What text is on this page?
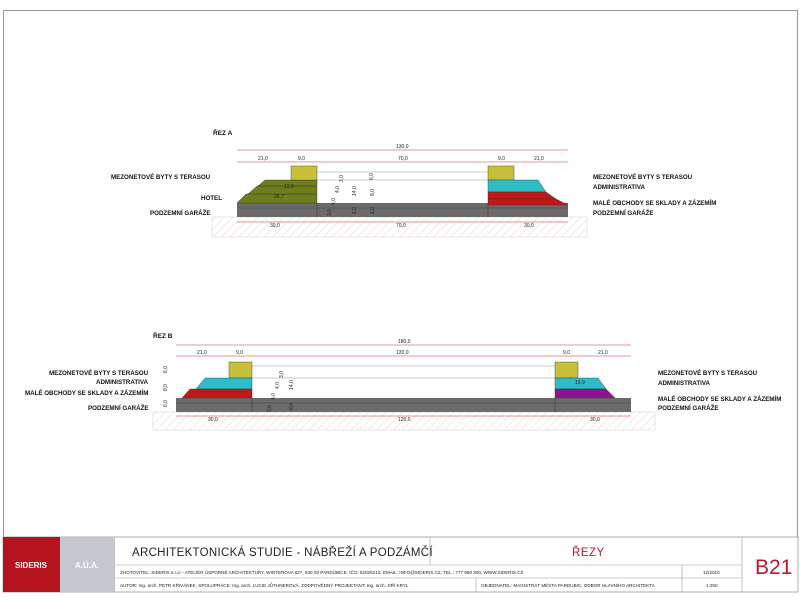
ŘEZ A
19,9
26,7
130,0
21,0	9,0	70,0	9,0	21,0
30,0	70,0	30,0
3,0
4,0
4,0
3,0	6,0
14,0 8,0
6,0 6,0
MEZONETOVÉ BYTY S TERASOU
HOTEL
PODZEMNÍ GARÁŽE
MEZONETOVÉ BYTY S TERASOU
ADMINISTRATIVA
MALÉ OBCHODY SE SKLADY A ZÁZEMÍM
PODZEMNÍ GARÁŽE
ŘEZ B
19,9
180,0
21,0	9,0	120,0	9,0	21,0
30,0	120,0	30,0
6,0
8,0
6,0
3,0
4,0
4,0
3,0
14,0
6,0
MEZONETOVÉ BYTY S TERASOU
ADMINISTRATIVA
MALÉ OBCHODY SE SKLADY A ZÁZEMÍM
PODZEMNÍ GARÁŽE
MEZONETOVÉ BYTY S TERASOU
ADMINISTRATIVA
MALÉ OBCHODY SE SKLADY A ZÁZEMÍM
PODZEMNÍ GARÁŽE
SIDERIS	A.Ú.A.
ARCHITEKTONICKÁ STUDIE - NÁBŘEŽÍ A PODZÁMČÍ	ŘEZY
ZHOTOVITEL: SIDERIS s.r.o. - ATELIÉR ÚSPORNÉ ARCHITEKTURY, WINTEROVA 827, 530 03 PARDUBICE, IČO: 62025210, EMAIL: INFO@SIDERIS.CZ, TEL.: 777 690 300, WWW.SIDERIS.CZ
AUTOR: Ing. arch. PETR KŘIVÁNEK, SPOLUPRÁCE: Ing. arch. LUCIE JŮTHNEROVÁ, ZODPOVĚDNÝ PROJEKTANT: Ing. arch. JIŘÍ KRYL	OBJEDNATEL: MAGISTRÁT MĚSTA PARDUBIC, ODBOR HLAVNÍHO ARCHITEKTA
12/2010
1:250
B21
